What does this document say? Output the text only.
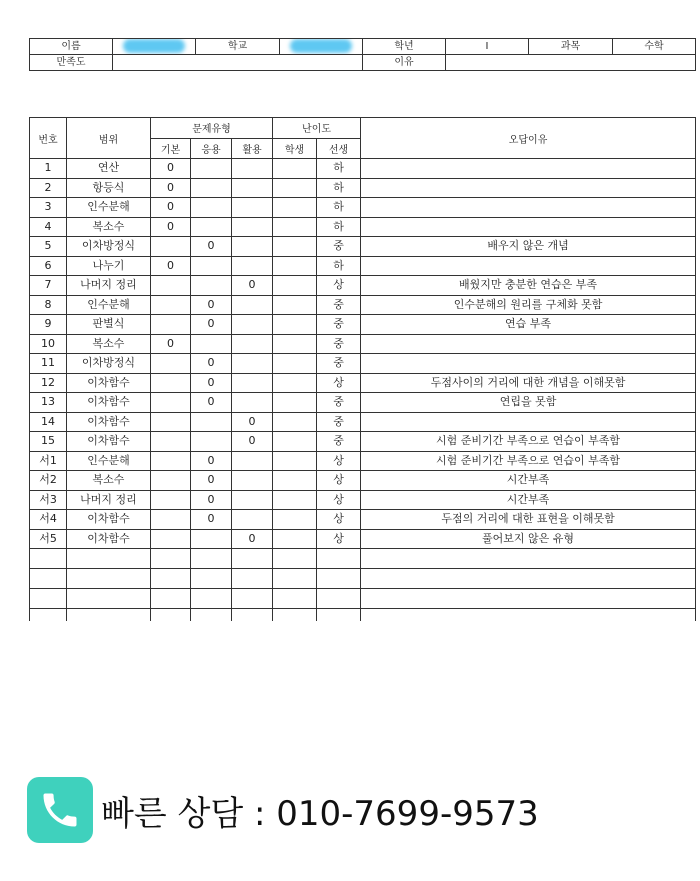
이름		학교		학년	I	과목	수학
만족도				이유			
번호	범위	문제유형			난이도		오답이유
		기본	응용	활용	학생	선생	
1	연산	0				하	
2	항등식	0				하	
3	인수분해	0				하	
4	복소수	0				하	
5	이차방정식		0			중	배우지 않은 개념
6	나누기	0				하	
7	나머지 정리			0		상	배웠지만 충분한 연습은 부족
8	인수분해		0			중	인수분해의 원리를 구체화 못함
9	판별식		0			중	연습 부족
10	복소수	0				중	
11	이차방정식		0			중	
12	이차함수		0			상	두점사이의 거리에 대한 개념을 이해못함
13	이차함수		0			중	연립을 못함
14	이차함수			0		중	
15	이차함수			0		중	시험 준비기간 부족으로 연습이 부족함
서1	인수분해		0			상	시험 준비기간 부족으로 연습이 부족함
서2	복소수		0			상	시간부족
서3	나머지 정리		0			상	시간부족
서4	이차함수		0			상	두점의 거리에 대한 표현을 이해못함
서5	이차함수			0		상	풀어보지 않은 유형

빠른 상담 : 010-7699-9573
